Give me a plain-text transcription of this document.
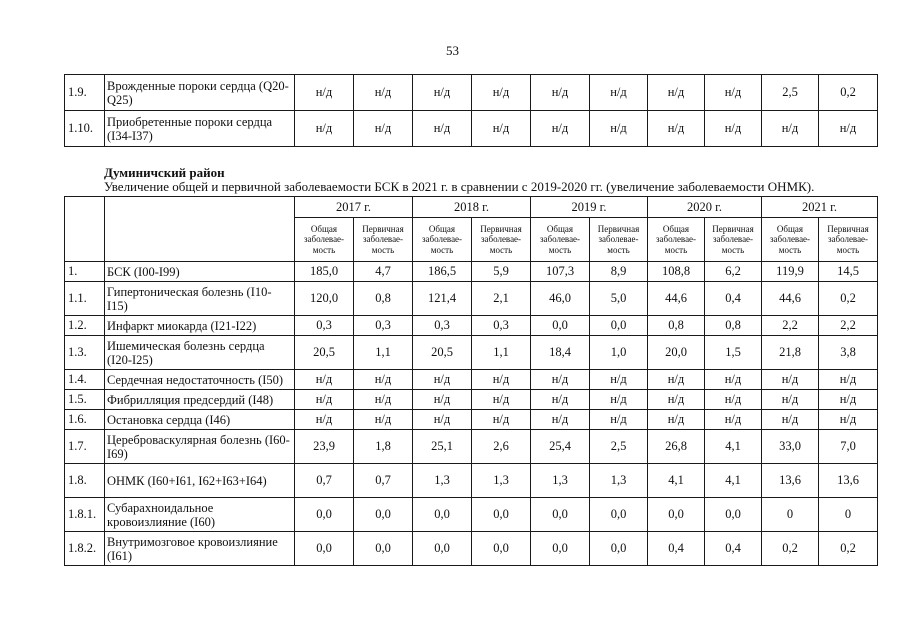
53
1.9.	Врожденные пороки сердца (Q20-Q25)	н/д	н/д	н/д	н/д	н/д	н/д	н/д	н/д	2,5	0,2
1.10.	Приобретенные пороки сердца (I34-I37)	н/д	н/д	н/д	н/д	н/д	н/д	н/д	н/д	н/д	н/д
Думиничский район
Увеличение общей и первичной заболеваемости БСК в 2021 г. в сравнении с 2019-2020 гг. (увеличение заболеваемости ОНМК).
		2017 г.		2018 г.		2019 г.		2020 г.		2021 г.	
		Общая заболевае-мость	Первичная заболевае-мость	Общая заболевае-мость	Первичная заболевае-мость	Общая заболевае-мость	Первичная заболевае-мость	Общая заболевае-мость	Первичная заболевае-мость	Общая заболевае-мость	Первичная заболевае-мость
1.	БСК (I00-I99)	185,0	4,7	186,5	5,9	107,3	8,9	108,8	6,2	119,9	14,5
1.1.	Гипертоническая болезнь (I10-I15)	120,0	0,8	121,4	2,1	46,0	5,0	44,6	0,4	44,6	0,2
1.2.	Инфаркт миокарда (I21-I22)	0,3	0,3	0,3	0,3	0,0	0,0	0,8	0,8	2,2	2,2
1.3.	Ишемическая болезнь сердца (I20-I25)	20,5	1,1	20,5	1,1	18,4	1,0	20,0	1,5	21,8	3,8
1.4.	Сердечная недостаточность (I50)	н/д	н/д	н/д	н/д	н/д	н/д	н/д	н/д	н/д	н/д
1.5.	Фибрилляция предсердий (I48)	н/д	н/д	н/д	н/д	н/д	н/д	н/д	н/д	н/д	н/д
1.6.	Остановка сердца (I46)	н/д	н/д	н/д	н/д	н/д	н/д	н/д	н/д	н/д	н/д
1.7.	Цереброваскулярная болезнь (I60-I69)	23,9	1,8	25,1	2,6	25,4	2,5	26,8	4,1	33,0	7,0
1.8.	ОНМК (I60+I61, I62+I63+I64)	0,7	0,7	1,3	1,3	1,3	1,3	4,1	4,1	13,6	13,6
1.8.1.	Субарахноидальное кровоизлияние (I60)	0,0	0,0	0,0	0,0	0,0	0,0	0,0	0,0	0	0
1.8.2.	Внутримозговое кровоизлияние (I61)	0,0	0,0	0,0	0,0	0,0	0,0	0,4	0,4	0,2	0,2
